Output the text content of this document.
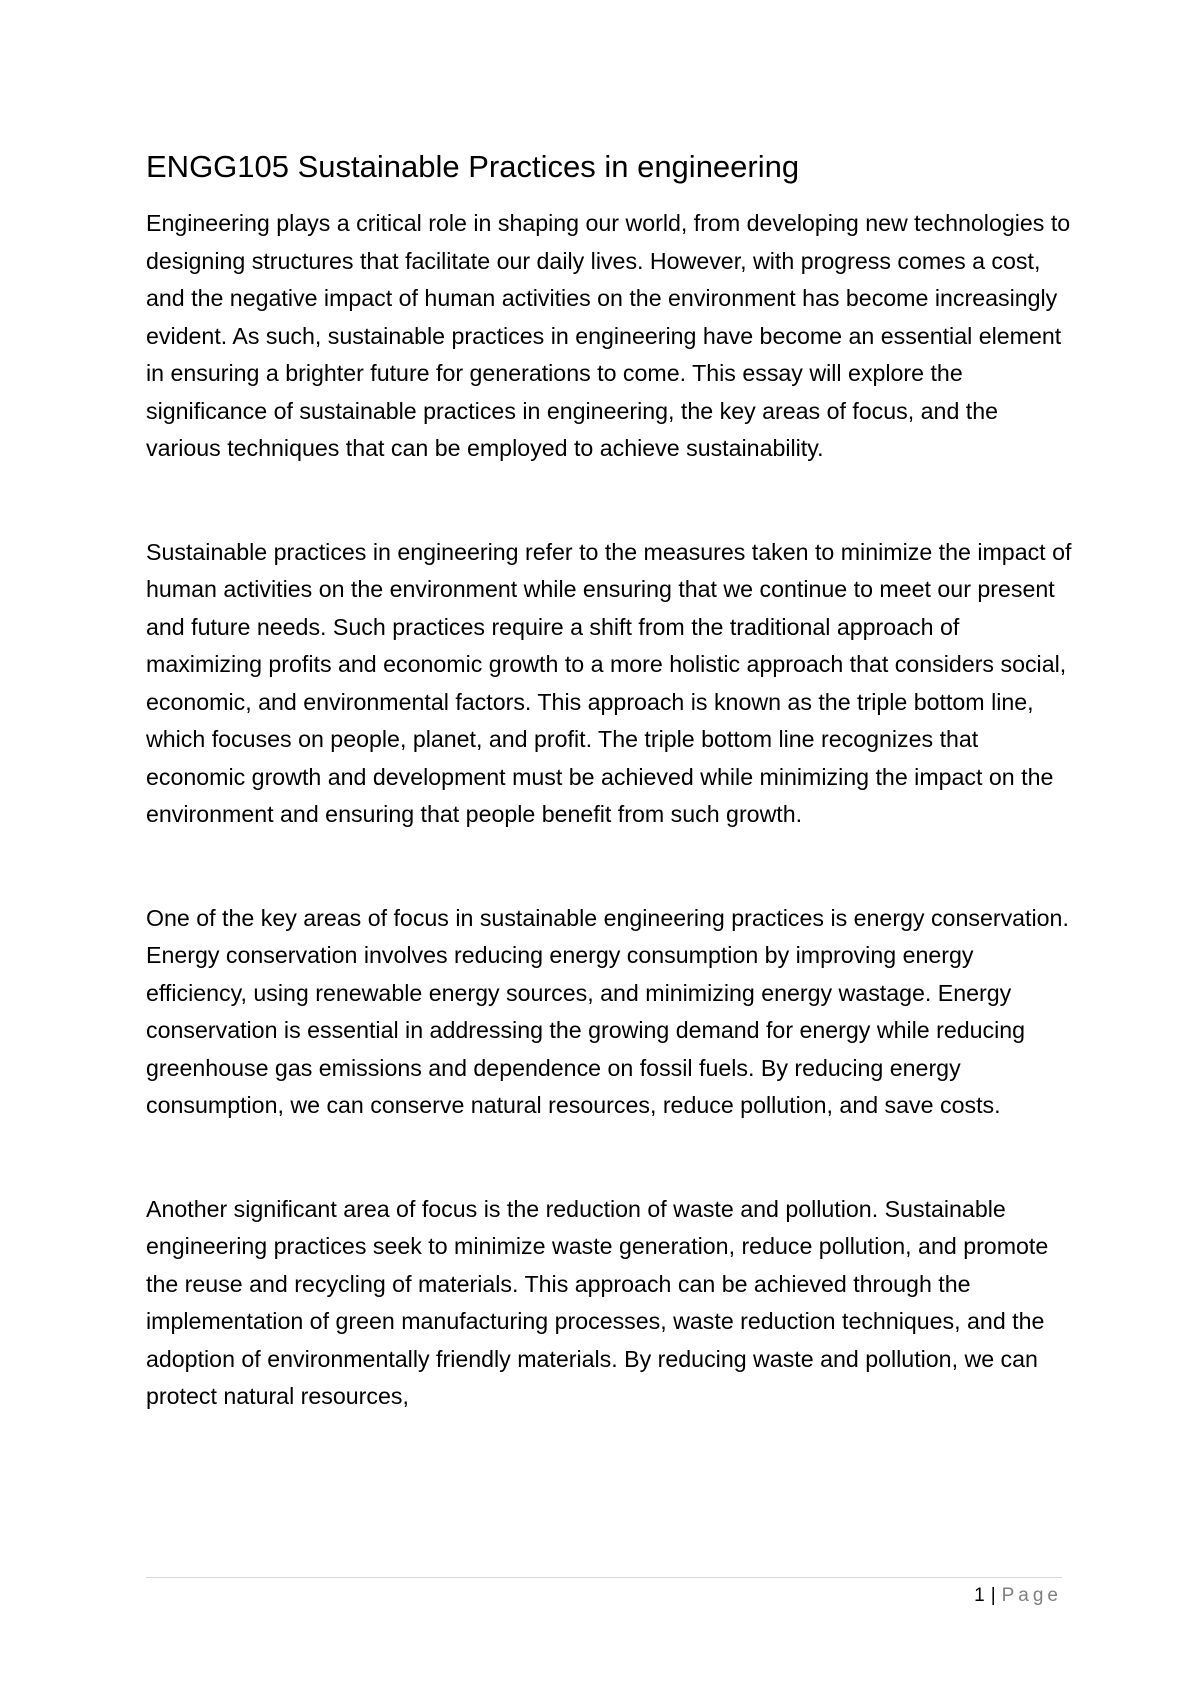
ENGG105 Sustainable Practices in engineering

Engineering plays a critical role in shaping our world, from developing new technologies to designing structures that facilitate our daily lives. However, with progress comes a cost, and the negative impact of human activities on the environment has become increasingly evident. As such, sustainable practices in engineering have become an essential element in ensuring a brighter future for generations to come. This essay will explore the significance of sustainable practices in engineering, the key areas of focus, and the various techniques that can be employed to achieve sustainability.

Sustainable practices in engineering refer to the measures taken to minimize the impact of human activities on the environment while ensuring that we continue to meet our present and future needs. Such practices require a shift from the traditional approach of maximizing profits and economic growth to a more holistic approach that considers social, economic, and environmental factors. This approach is known as the triple bottom line, which focuses on people, planet, and profit. The triple bottom line recognizes that economic growth and development must be achieved while minimizing the impact on the environment and ensuring that people benefit from such growth.

One of the key areas of focus in sustainable engineering practices is energy conservation. Energy conservation involves reducing energy consumption by improving energy efficiency, using renewable energy sources, and minimizing energy wastage. Energy conservation is essential in addressing the growing demand for energy while reducing greenhouse gas emissions and dependence on fossil fuels. By reducing energy consumption, we can conserve natural resources, reduce pollution, and save costs.

Another significant area of focus is the reduction of waste and pollution. Sustainable engineering practices seek to minimize waste generation, reduce pollution, and promote the reuse and recycling of materials. This approach can be achieved through the implementation of green manufacturing processes, waste reduction techniques, and the adoption of environmentally friendly materials. By reducing waste and pollution, we can protect natural resources,

1 | Page
